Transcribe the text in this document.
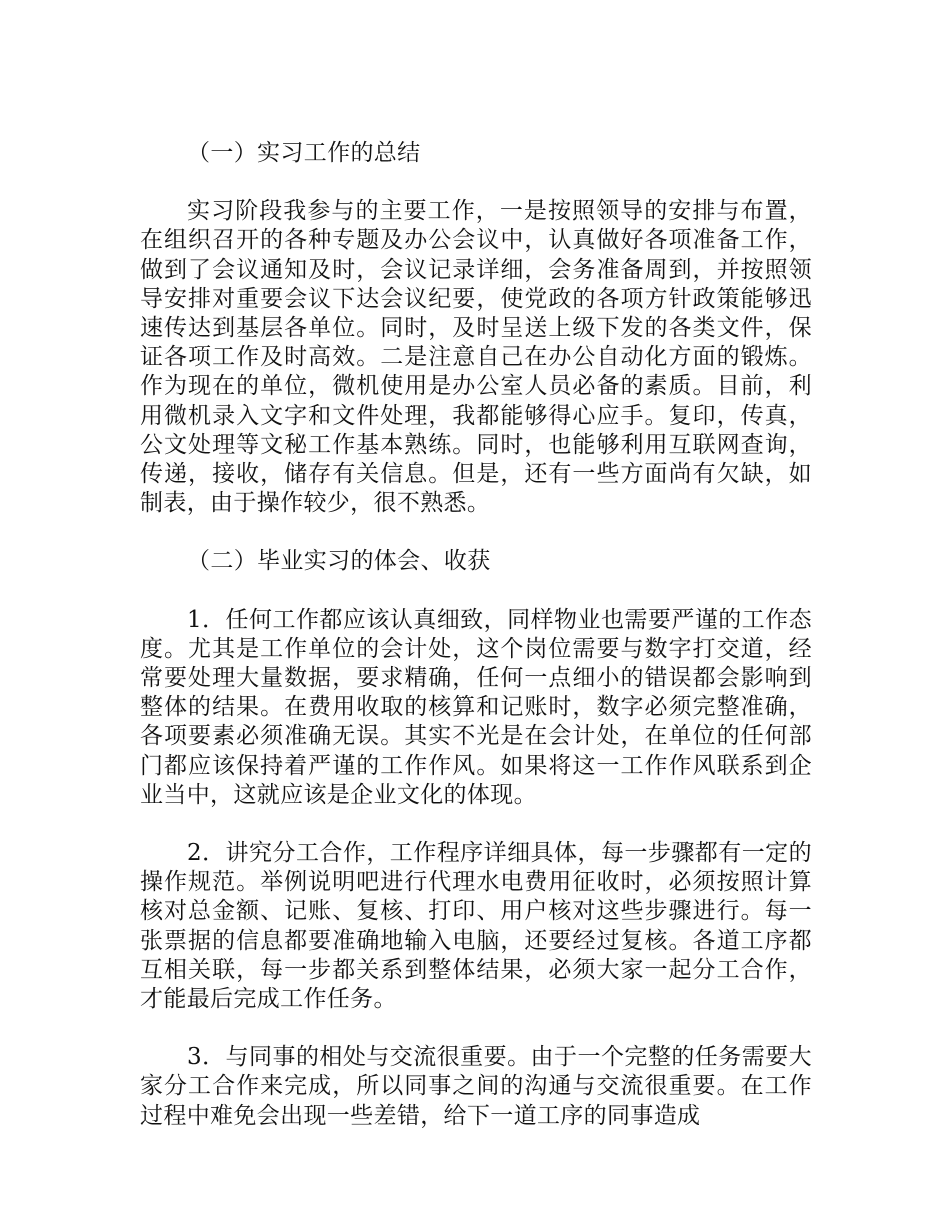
（一）实习工作的总结

实习阶段我参与的主要工作，一是按照领导的安排与布置，在组织召开的各种专题及办公会议中，认真做好各项准备工作，做到了会议通知及时，会议记录详细，会务准备周到，并按照领导安排对重要会议下达会议纪要，使党政的各项方针政策能够迅速传达到基层各单位。同时，及时呈送上级下发的各类文件，保证各项工作及时高效。二是注意自己在办公自动化方面的锻炼。作为现在的单位，微机使用是办公室人员必备的素质。目前，利用微机录入文字和文件处理，我都能够得心应手。复印，传真，公文处理等文秘工作基本熟练。同时，也能够利用互联网查询，传递，接收，储存有关信息。但是，还有一些方面尚有欠缺，如制表，由于操作较少，很不熟悉。

（二）毕业实习的体会、收获

1．任何工作都应该认真细致，同样物业也需要严谨的工作态度。尤其是工作单位的会计处，这个岗位需要与数字打交道，经常要处理大量数据，要求精确，任何一点细小的错误都会影响到整体的结果。在费用收取的核算和记账时，数字必须完整准确，各项要素必须准确无误。其实不光是在会计处，在单位的任何部门都应该保持着严谨的工作作风。如果将这一工作作风联系到企业当中，这就应该是企业文化的体现。

2．讲究分工合作，工作程序详细具体，每一步骤都有一定的操作规范。举例说明吧进行代理水电费用征收时，必须按照计算核对总金额、记账、复核、打印、用户核对这些步骤进行。每一张票据的信息都要准确地输入电脑，还要经过复核。各道工序都互相关联，每一步都关系到整体结果，必须大家一起分工合作，才能最后完成工作任务。

3．与同事的相处与交流很重要。由于一个完整的任务需要大家分工合作来完成，所以同事之间的沟通与交流很重要。在工作过程中难免会出现一些差错，给下一道工序的同事造成
